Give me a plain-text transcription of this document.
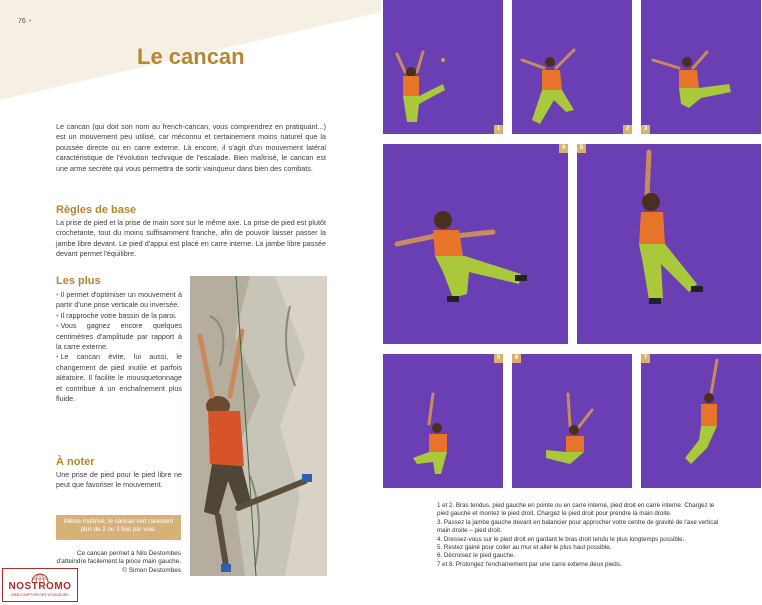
76 •
Le cancan

Le cancan (qui doit son nom au french-cancan, vous comprendrez en pratiquant...) est un mouvement peu utilisé, car méconnu et certainement moins naturel que la poussée directe ou en carre externe. Là encore, il s'agit d'un mouvement latéral caractéristique de l'évolution technique de l'escalade. Bien maîtrisé, le cancan est une arme secrète qui vous permettra de sortir vainqueur dans bien des combats.

Règles de base

La prise de pied et la prise de main sont sur le même axe. La prise de pied est plutôt crochetante, tout du moins suffisamment franche, afin de pouvoir laisser passer la jambe libre devant. Le pied d'appui est placé en carre interne. La jambe libre passée devant permet l'équilibre.

Les plus
• Il permet d'optimiser un mouvement à partir d'une prise verticale ou inversée.
• Il rapproche votre bassin de la paroi.
• Vous gagnez encore quelques centimètres d'amplitude par rapport à la carre externe.
• Le cancan évite, lui aussi, le changement de pied inutile et parfois aléatoire. Il facilite le mousquetonnage et contribue à un enchaînement plus fluide.
À noter

Une prise de pied pour le pied libre ne peut que favoriser le mouvement.

Même maîtrisé, le cancan sert rarement plus de 2 ou 3 fois par voie.

Ce cancan permet à Nils Destombes d'atteindre facilement la pince main gauche. © Simon Destombes

NOSTROMO
WEB COMPTOIR DES VOYAGEURS
1	2	3
4	5
5	6	7
1 et 2. Bras tendus, pied gauche en pointe ou en carre interne, pied droit en carre interne. Chargez le pied gauche et montez le pied droit. Chargez le pied droit pour prendre la main droite.
3. Passez la jambe gauche devant en balancier pour approcher votre centre de gravité de l'axe vertical main droite – pied droit.
4. Dressez-vous sur le pied droit en gardant le bras droit tendu le plus longtemps possible.
5. Restez gainé pour coller au mur et aller le plus haut possible.
6. Décroisez le pied gauche.
7 et 8. Prolongez l'enchaînement par une carre externe deux pieds.
